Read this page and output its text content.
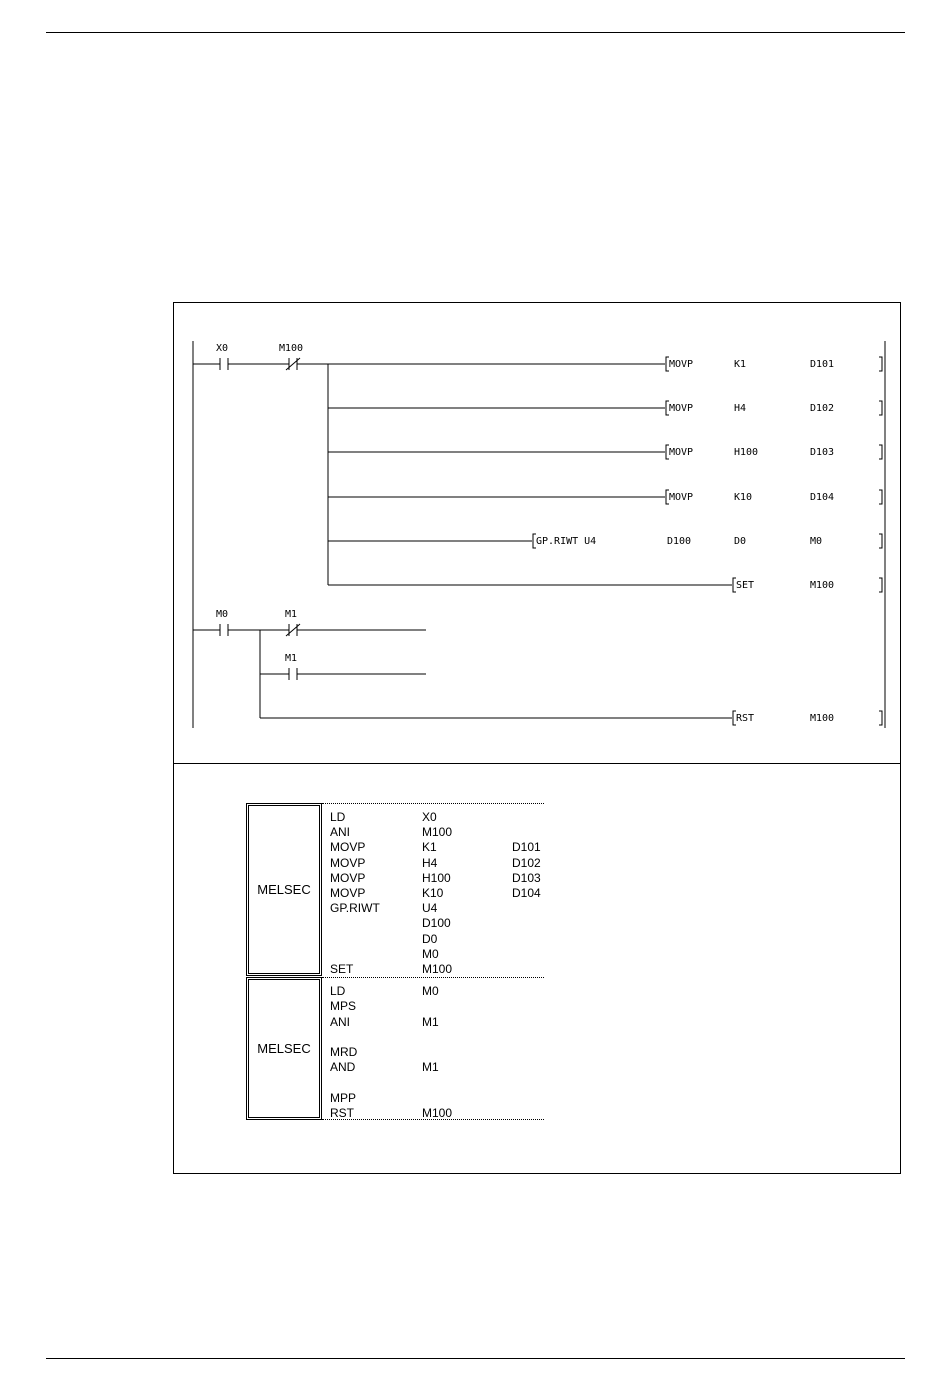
X0	M100
MOVP	K1	D101
MOVP	H4	D102
MOVP	H100	D103
MOVP	K10	D104
GP.RIWT U4	D100	D0	M0
SET	M100
RST	M100
M0	M1
M1
MELSEC
LD	X0
ANI	M100
MOVP	K1	D101
MOVP	H4	D102
MOVP	H100	D103
MOVP	K10	D104
GP.RIWT	U4
D100
D0
M0
SET	M100
MELSEC
LD	M0
MPS
ANI	M1
MRD
AND	M1
MPP
RST	M100
